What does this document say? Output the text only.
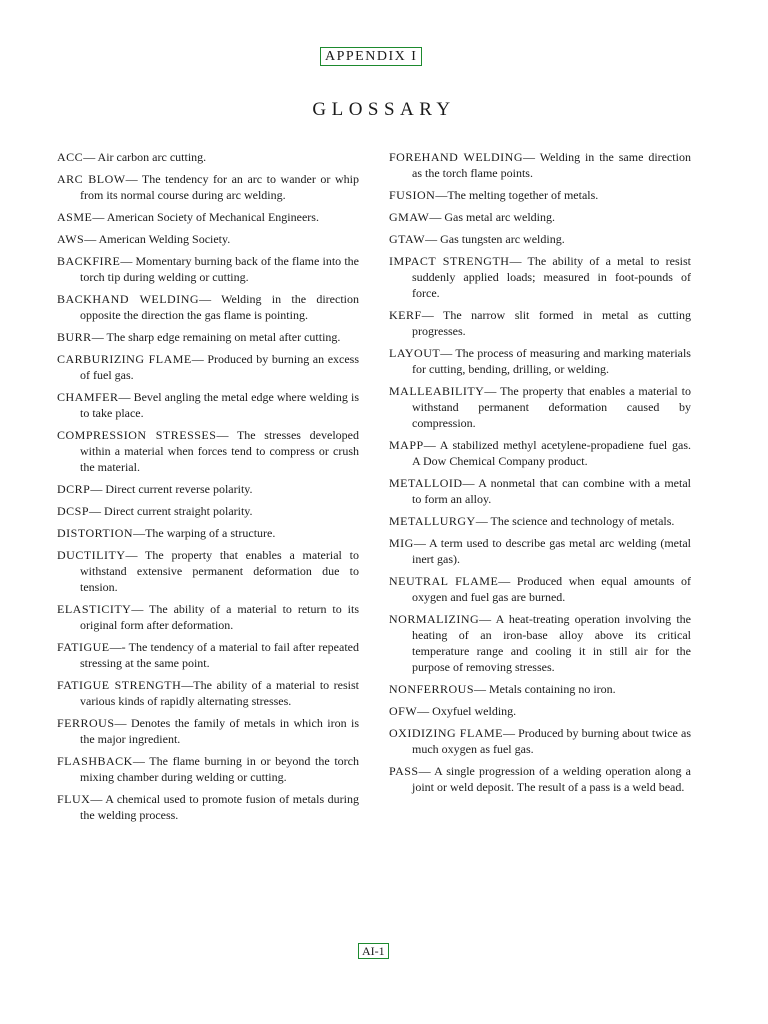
APPENDIX I
GLOSSARY
ACC— Air carbon arc cutting.
ARC BLOW— The tendency for an arc to wander or whip from its normal course during arc welding.
ASME— American Society of Mechanical Engineers.
AWS— American Welding Society.
BACKFIRE— Momentary burning back of the flame into the torch tip during welding or cutting.
BACKHAND WELDING— Welding in the direction opposite the direction the gas flame is pointing.
BURR— The sharp edge remaining on metal after cutting.
CARBURIZING FLAME— Produced by burning an excess of fuel gas.
CHAMFER— Bevel angling the metal edge where welding is to take place.
COMPRESSION STRESSES— The stresses developed within a material when forces tend to compress or crush the material.
DCRP— Direct current reverse polarity.
DCSP— Direct current straight polarity.
DISTORTION—The warping of a structure.
DUCTILITY— The property that enables a material to withstand extensive permanent deformation due to tension.
ELASTICITY— The ability of a material to return to its original form after deformation.
FATIGUE—- The tendency of a material to fail after repeated stressing at the same point.
FATIGUE STRENGTH—The ability of a material to resist various kinds of rapidly alternating stresses.
FERROUS— Denotes the family of metals in which iron is the major ingredient.
FLASHBACK— The flame burning in or beyond the torch mixing chamber during welding or cutting.
FLUX— A chemical used to promote fusion of metals during the welding process.
FOREHAND WELDING— Welding in the same direction as the torch flame points.
FUSION—The melting together of metals.
GMAW— Gas metal arc welding.
GTAW— Gas tungsten arc welding.
IMPACT STRENGTH— The ability of a metal to resist suddenly applied loads; measured in foot-pounds of force.
KERF— The narrow slit formed in metal as cutting progresses.
LAYOUT— The process of measuring and marking materials for cutting, bending, drilling, or welding.
MALLEABILITY— The property that enables a material to withstand permanent deformation caused by compression.
MAPP— A stabilized methyl acetylene-propadiene fuel gas. A Dow Chemical Company product.
METALLOID— A nonmetal that can combine with a metal to form an alloy.
METALLURGY— The science and technology of metals.
MIG— A term used to describe gas metal arc welding (metal inert gas).
NEUTRAL FLAME— Produced when equal amounts of oxygen and fuel gas are burned.
NORMALIZING— A heat-treating operation involving the heating of an iron-base alloy above its critical temperature range and cooling it in still air for the purpose of removing stresses.
NONFERROUS— Metals containing no iron.
OFW— Oxyfuel welding.
OXIDIZING FLAME— Produced by burning about twice as much oxygen as fuel gas.
PASS— A single progression of a welding operation along a joint or weld deposit. The result of a pass is a weld bead.
AI-1
